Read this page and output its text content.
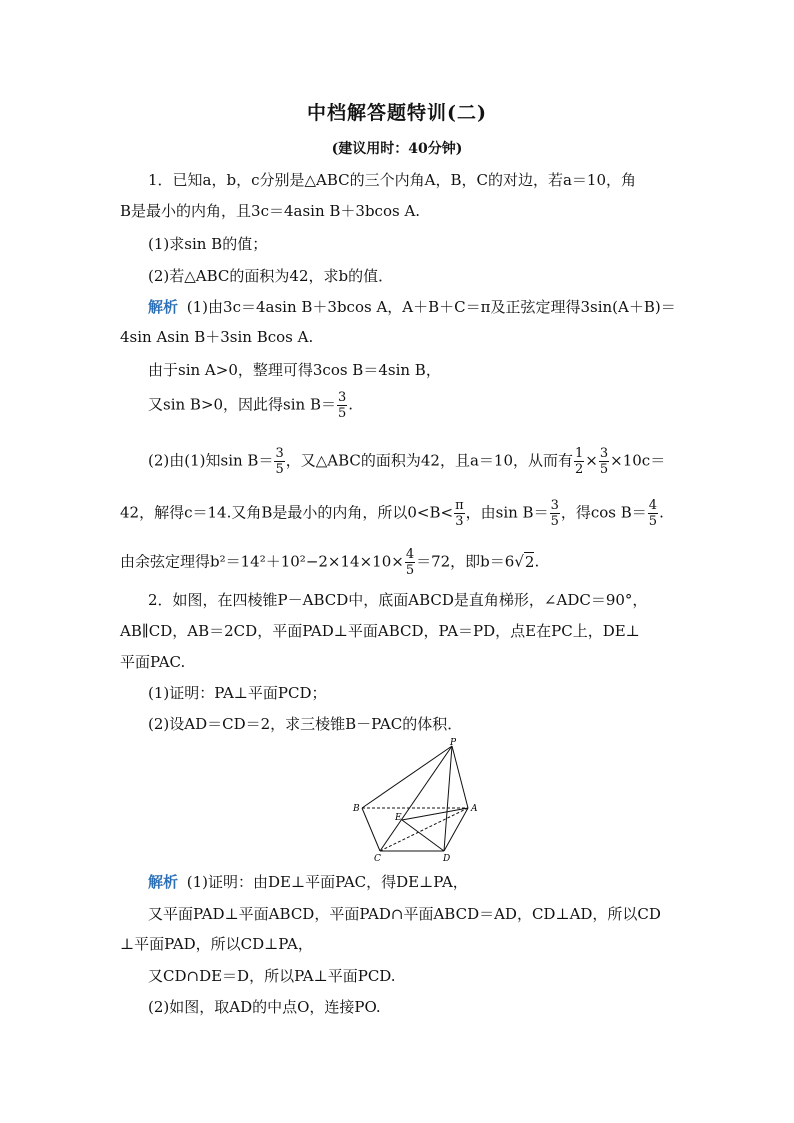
中档解答题特训(二)
(建议用时：40分钟)
1．已知a，b，c分别是△ABC的三个内角A，B，C的对边，若a＝10，角
B是最小的内角，且3c＝4asin B＋3bcos A.
(1)求sin B的值；
(2)若△ABC的面积为42，求b的值．
解析 (1)由3c＝4asin B＋3bcos A，A＋B＋C＝π及正弦定理得3sin(A＋B)＝
4sin Asin B＋3sin Bcos A.
由于sin A>0，整理可得3cos B＝4sin B，
又sin B>0，因此得$\sin B= \frac{3}{5}$ .
(2)由(1)知$\sin B= \frac{3}{5}$ ，又△ABC的面积为42，且a＝10，从而有 $\frac{1}{2} \times \frac{3}{5} \times 10c=$
42，解得c＝14.又角B是最小的内角，所以$0<B< \frac{\pi}{3}$ ，由$\sin B= \frac{3}{5}$ ，得$\cos B= \frac{4}{5}$ .
由余弦定理得$b^2=14^2+10^2-2\times 14\times 10\times \frac{4}{5} =72$，即b＝6√2.
2．如图，在四棱锥P－ABCD中，底面ABCD是直角梯形，∠ADC＝90°，
AB∥CD，AB＝2CD，平面PAD⊥平面ABCD，PA＝PD，点E在PC上，DE⊥
平面PAC.
(1)证明：PA⊥平面PCD；
(2)设AD＝CD＝2，求三棱锥B－PAC的体积．
P
A
B
C	D
E
解析 (1)证明：由DE⊥平面PAC，得DE⊥PA，
又平面PAD⊥平面ABCD，平面PAD∩平面ABCD＝AD，CD⊥AD，所以CD
⊥平面PAD，所以CD⊥PA，
又CD∩DE＝D，所以PA⊥平面PCD.
(2)如图，取AD的中点O，连接PO.
